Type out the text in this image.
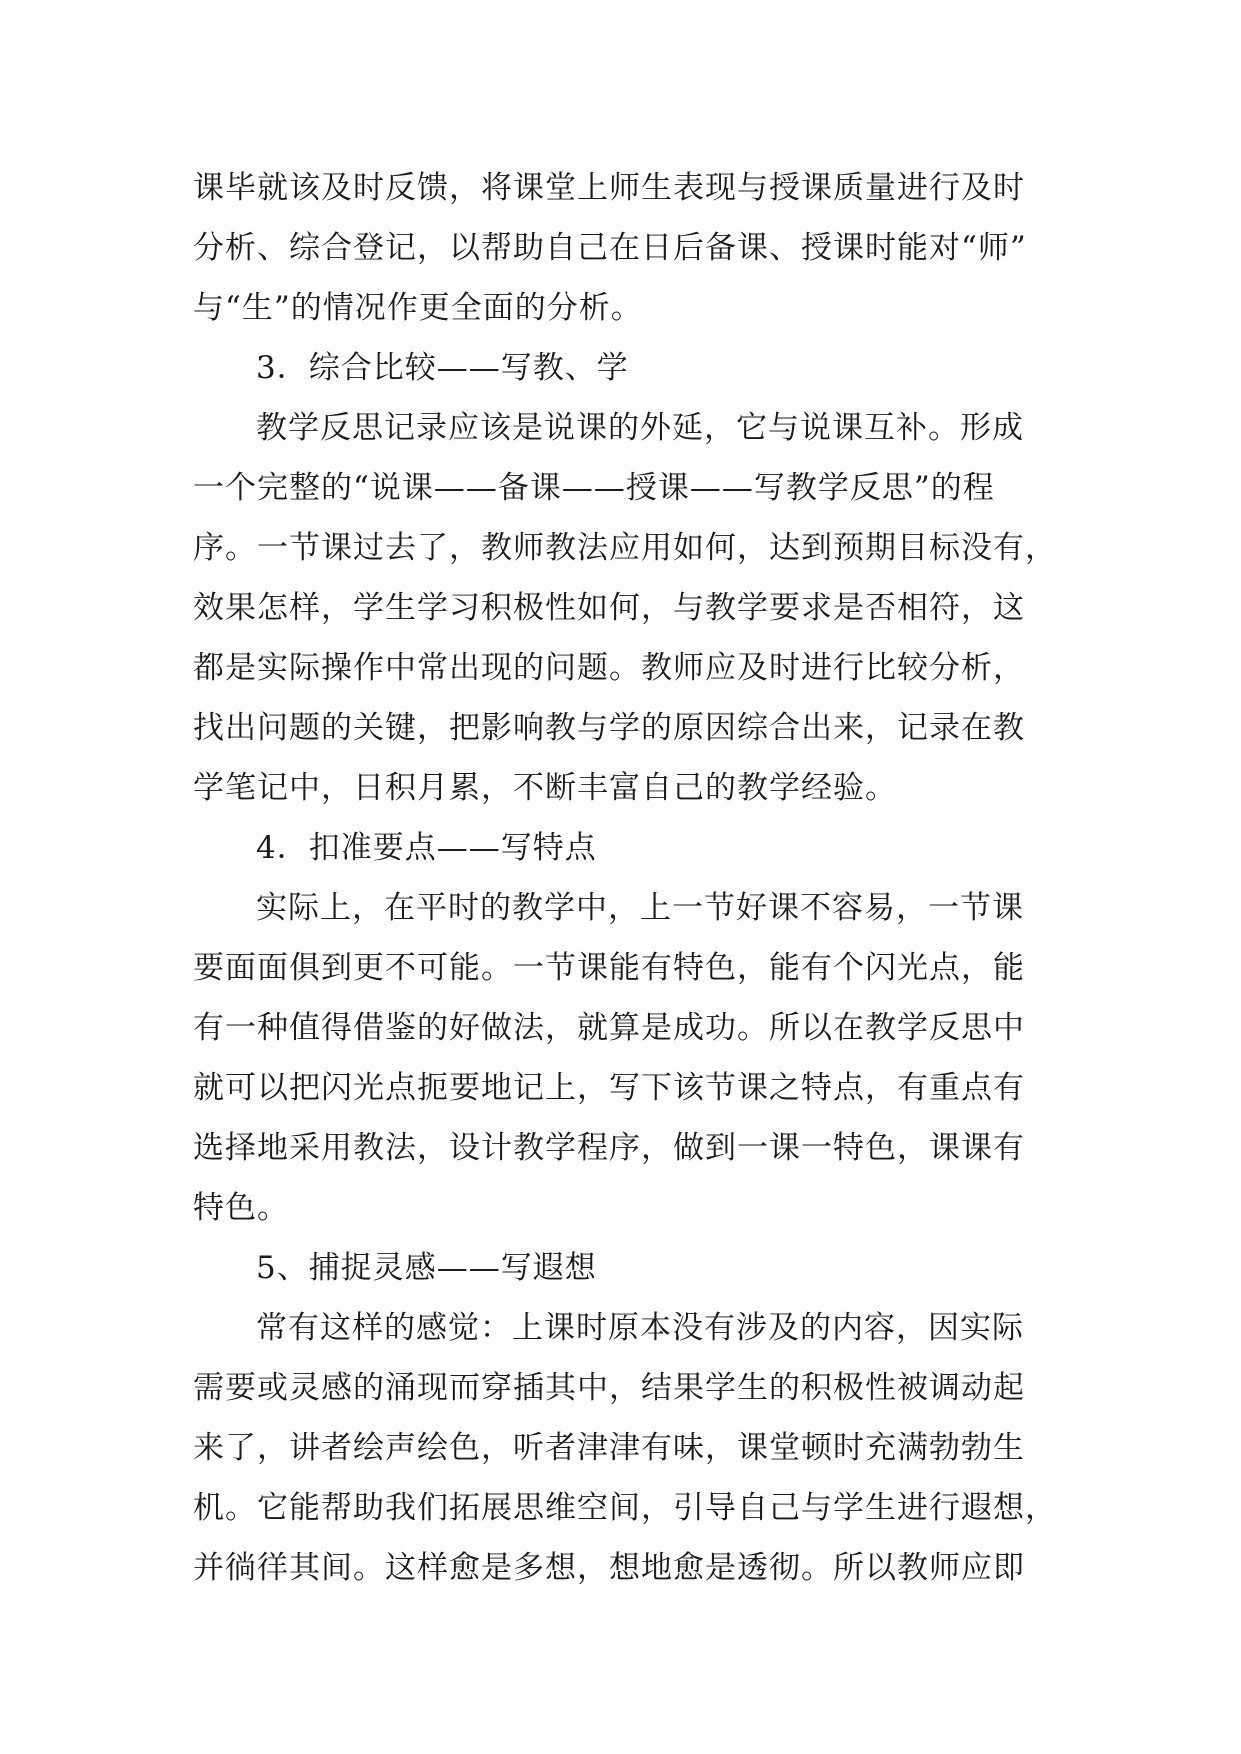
课毕就该及时反馈，将课堂上师生表现与授课质量进行及时
分析、综合登记，以帮助自己在日后备课、授课时能对“师”
与“生”的情况作更全面的分析。
3．综合比较——写教、学
教学反思记录应该是说课的外延，它与说课互补。形成
一个完整的“说课——备课——授课——写教学反思”的程
序。一节课过去了，教师教法应用如何，达到预期目标没有，
效果怎样，学生学习积极性如何，与教学要求是否相符，这
都是实际操作中常出现的问题。教师应及时进行比较分析，
找出问题的关键，把影响教与学的原因综合出来，记录在教
学笔记中，日积月累，不断丰富自己的教学经验。
4．扣准要点——写特点
实际上，在平时的教学中，上一节好课不容易，一节课
要面面俱到更不可能。一节课能有特色，能有个闪光点，能
有一种值得借鉴的好做法，就算是成功。所以在教学反思中
就可以把闪光点扼要地记上，写下该节课之特点，有重点有
选择地采用教法，设计教学程序，做到一课一特色，课课有
特色。
5、捕捉灵感——写遐想
常有这样的感觉：上课时原本没有涉及的内容，因实际
需要或灵感的涌现而穿插其中，结果学生的积极性被调动起
来了，讲者绘声绘色，听者津津有味，课堂顿时充满勃勃生
机。它能帮助我们拓展思维空间，引导自己与学生进行遐想，
并徜徉其间。这样愈是多想，想地愈是透彻。所以教师应即
